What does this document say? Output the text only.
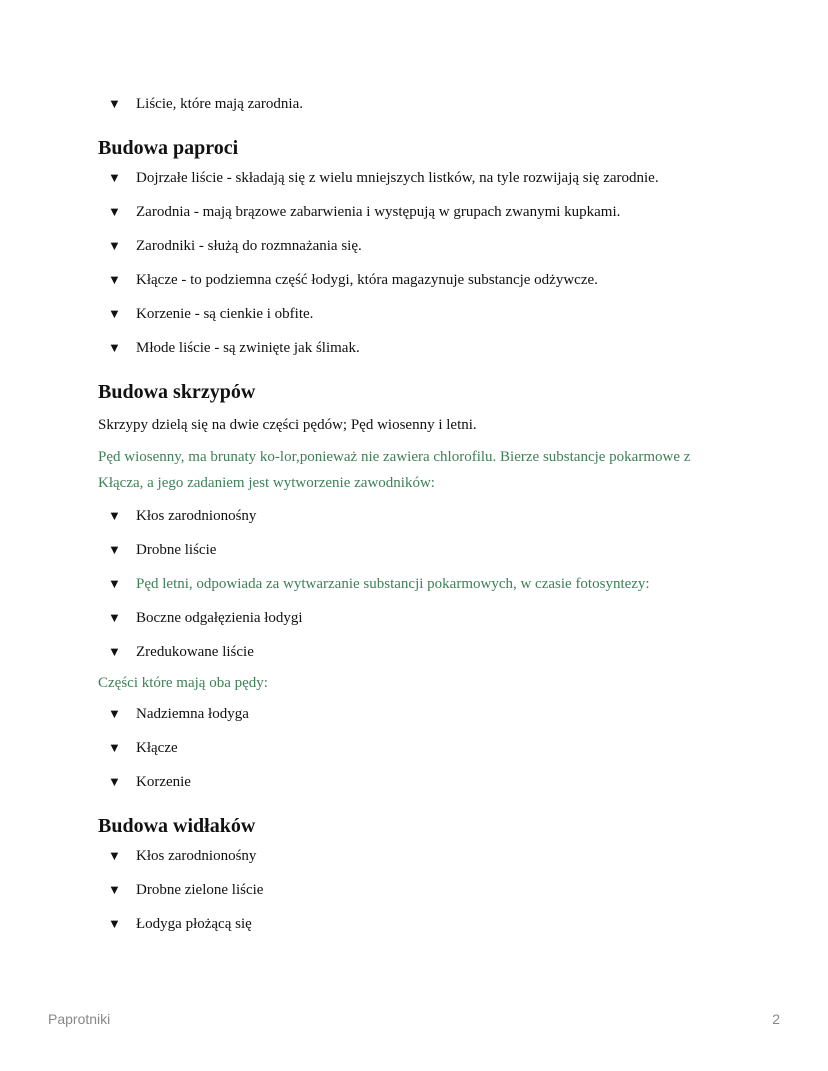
▼ Liście, które mają zarodnia.
Budowa paproci
▼ Dojrzałe liście - składają się z wielu mniejszych listków, na tyle rozwijają się zarodnie.
▼ Zarodnia - mają brązowe zabarwienia i występują w grupach zwanymi kupkami.
▼ Zarodniki - służą do rozmnażania się.
▼ Kłącze - to podziemna część łodygi, która magazynuje substancje odżywcze.
▼ Korzenie - są cienkie i obfite.
▼ Młode liście - są zwinięte jak ślimak.
Budowa skrzypów
Skrzypy dzielą się na dwie części pędów; Pęd wiosenny i letni.
Pęd wiosenny, ma brunaty ko-lor,ponieważ nie zawiera chlorofilu. Bierze substancje pokarmowe z Kłącza, a jego zadaniem jest wytworzenie zawodników:
▼ Kłos zarodnionośny
▼ Drobne liście
▼ Pęd letni, odpowiada za wytwarzanie substancji pokarmowych, w czasie fotosyntezy:
▼ Boczne odgałęzienia łodygi
▼ Zredukowane liście
Części które mają oba pędy:
▼ Nadziemna łodyga
▼ Kłącze
▼ Korzenie
Budowa widłaków
▼ Kłos zarodnionośny
▼ Drobne zielone liście
▼ Łodyga płożącą się
Paprotniki	2
